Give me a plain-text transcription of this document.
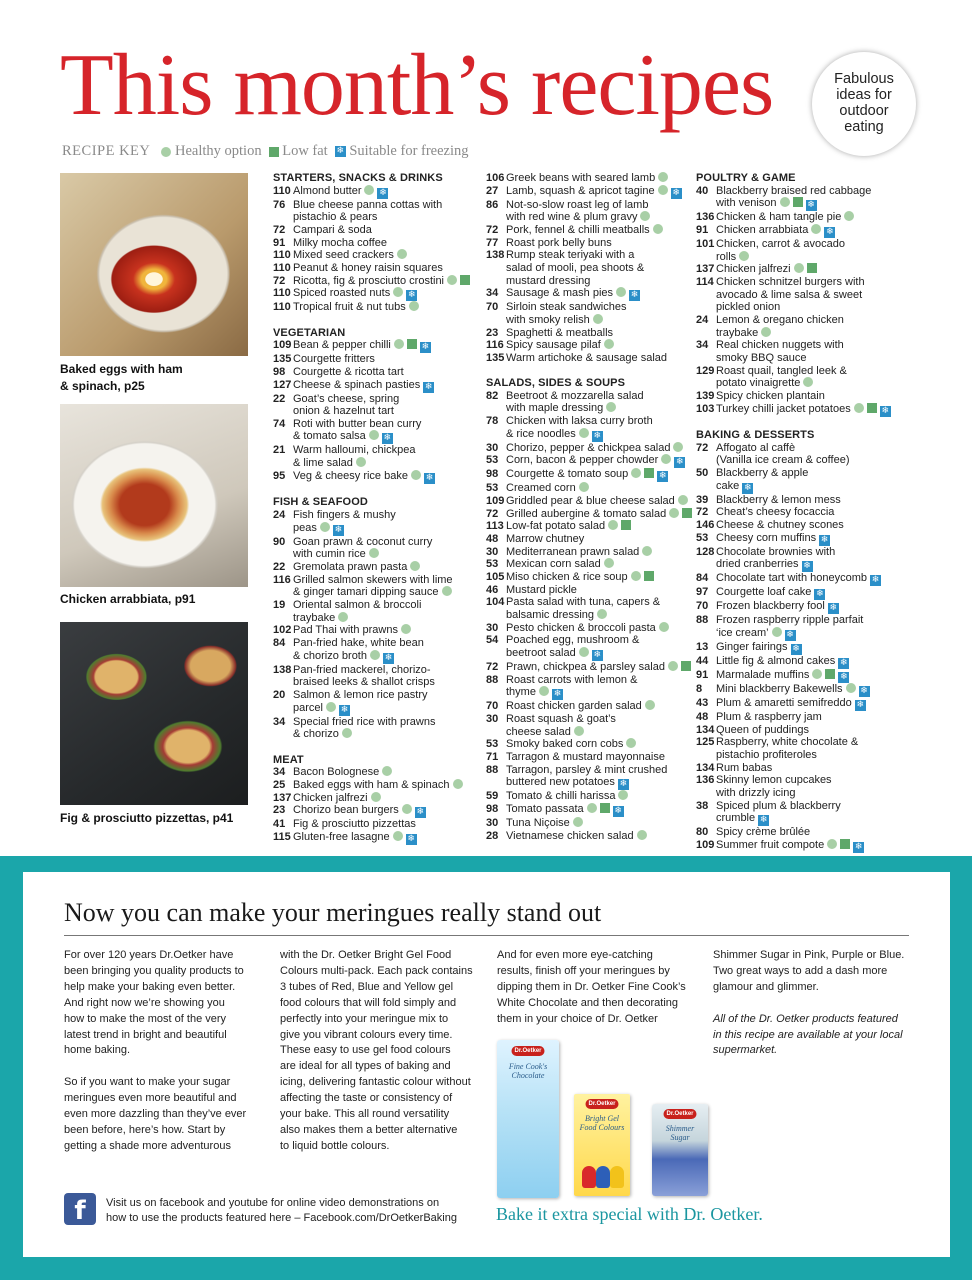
This month’s recipes	Fabulous
ideas for
outdoor
eating
RECIPE KEY
Healthy option
Low fat ❄
Suitable for freezing
Baked eggs with ham
& spinach, p25
Chicken arrabbiata, p91
Fig & prosciutto pizzettas, p41
STARTERS, SNACKS & DRINKS
110 Almond butter ❄
76 Blue cheese panna cottas with
pistachio & pears
72 Campari & soda
91 Milky mocha coffee
110 Mixed seed crackers
110 Peanut & honey raisin squares
72 Ricotta, fig & prosciutto crostini
110 Spiced roasted nuts ❄
110 Tropical fruit & nut tubs
VEGETARIAN
109 Bean & pepper chilli	❄
135 Courgette fritters
98 Courgette & ricotta tart
127 Cheese & spinach pasties ❄
22 Goat’s cheese, spring
onion & hazelnut tart
74 Roti with butter bean curry
& tomato salsa ❄
21 Warm halloumi, chickpea
& lime salad
95 Veg & cheesy rice bake ❄
FISH & SEAFOOD
24 Fish fingers & mushy
peas ❄
90 Goan prawn & coconut curry
with cumin rice
22 Gremolata prawn pasta
116 Grilled salmon skewers with lime
& ginger tamari dipping sauce
19 Oriental salmon & broccoli
traybake
102 Pad Thai with prawns
84 Pan-fried hake, white bean
& chorizo broth ❄
138 Pan-fried mackerel, chorizo-
braised leeks & shallot crisps
20 Salmon & lemon rice pastry
parcel ❄
34 Special fried rice with prawns
& chorizo
MEAT
34 Bacon Bolognese
25 Baked eggs with ham & spinach
137 Chicken jalfrezi
23 Chorizo bean burgers ❄
41 Fig & prosciutto pizzettas
115 Gluten-free lasagne ❄
106 Greek beans with seared lamb
27 Lamb, squash & apricot tagine ❄
86 Not-so-slow roast leg of lamb
with red wine & plum gravy
72 Pork, fennel & chilli meatballs
77 Roast pork belly buns
138 Rump steak teriyaki with a
salad of mooli, pea shoots &
mustard dressing
34 Sausage & mash pies ❄
70 Sirloin steak sandwiches
with smoky relish
23 Spaghetti & meatballs
116 Spicy sausage pilaf
135 Warm artichoke & sausage salad
SALADS, SIDES & SOUPS
82 Beetroot & mozzarella salad
with maple dressing
78 Chicken with laksa curry broth
& rice noodles ❄
30 Chorizo, pepper & chickpea salad
53 Corn, bacon & pepper chowder ❄
98 Courgette & tomato soup	❄
53 Creamed corn
109 Griddled pear & blue cheese salad
72 Grilled aubergine & tomato salad
113 Low-fat potato salad
48 Marrow chutney
30 Mediterranean prawn salad
53 Mexican corn salad
105 Miso chicken & rice soup
46 Mustard pickle
104 Pasta salad with tuna, capers &
balsamic dressing
30 Pesto chicken & broccoli pasta
54 Poached egg, mushroom &
beetroot salad ❄
72 Prawn, chickpea & parsley salad
88 Roast carrots with lemon &
thyme ❄
70 Roast chicken garden salad
30 Roast squash & goat’s
cheese salad
53 Smoky baked corn cobs
71 Tarragon & mustard mayonnaise
88 Tarragon, parsley & mint crushed
buttered new potatoes ❄
59 Tomato & chilli harissa
98 Tomato passata	❄
30 Tuna Niçoise
28 Vietnamese chicken salad
POULTRY & GAME
40 Blackberry braised red cabbage
with venison	❄
136 Chicken & ham tangle pie
91 Chicken arrabbiata ❄
101 Chicken, carrot & avocado
rolls
137 Chicken jalfrezi
114 Chicken schnitzel burgers with
avocado & lime salsa & sweet
pickled onion
24 Lemon & oregano chicken
traybake
34 Real chicken nuggets with
smoky BBQ sauce
129 Roast quail, tangled leek &
potato vinaigrette
139 Spicy chicken plantain
103 Turkey chilli jacket potatoes	❄
BAKING & DESSERTS
72 Affogato al caffè
(Vanilla ice cream & coffee)
50 Blackberry & apple
cake ❄
39 Blackberry & lemon mess
72 Cheat’s cheesy focaccia
146 Cheese & chutney scones
53 Cheesy corn muffins ❄
128 Chocolate brownies with
dried cranberries ❄
84 Chocolate tart with honeycomb ❄
97 Courgette loaf cake ❄
70 Frozen blackberry fool ❄
88 Frozen raspberry ripple parfait
‘ice cream’ ❄
13 Ginger fairings ❄
44 Little fig & almond cakes ❄
91 Marmalade muffins	❄
8 Mini blackberry Bakewells ❄
43 Plum & amaretti semifreddo ❄
48 Plum & raspberry jam
134 Queen of puddings
125 Raspberry, white chocolate &
pistachio profiteroles
134 Rum babas
136 Skinny lemon cupcakes
with drizzly icing
38 Spiced plum & blackberry
crumble ❄
80 Spicy crème brûlée
109 Summer fruit compote	❄
Now you can make your meringues really stand out

For over 120 years Dr.Oetker have
been bringing you quality products to
help make your baking even better.
And right now we’re showing you
how to make the most of the very
latest trend in bright and beautiful
home baking.

So if you want to make your sugar
meringues even more beautiful and
even more dazzling than they’ve ever
been before, here’s how. Start by
getting a shade more adventurous

with the Dr. Oetker Bright Gel Food
Colours multi-pack. Each pack contains
3 tubes of Red, Blue and Yellow gel
food colours that will fold simply and
perfectly into your meringue mix to
give you vibrant colours every time.
These easy to use gel food colours
are ideal for all types of baking and
icing, delivering fantastic colour without
affecting the taste or consistency of
your bake. This all round versatility
also makes them a better alternative
to liquid bottle colours.

And for even more eye-catching
results, finish off your meringues by
dipping them in Dr. Oetker Fine Cook’s
White Chocolate and then decorating
them in your choice of Dr. Oetker

Shimmer Sugar in Pink, Purple or Blue.
Two great ways to add a dash more
glamour and glimmer.

All of the Dr. Oetker products featured
in this recipe are available at your local
supermarket.

Dr.Oetker
Fine Cook's
Chocolate
Dr.Oetker
Bright Gel
Food Colours
Dr.Oetker
Shimmer
Sugar
f	Visit us on facebook and youtube for online video demonstrations on
how to use the products featured here – Facebook.com/DrOetkerBaking Bake it extra special with Dr. Oetker.
